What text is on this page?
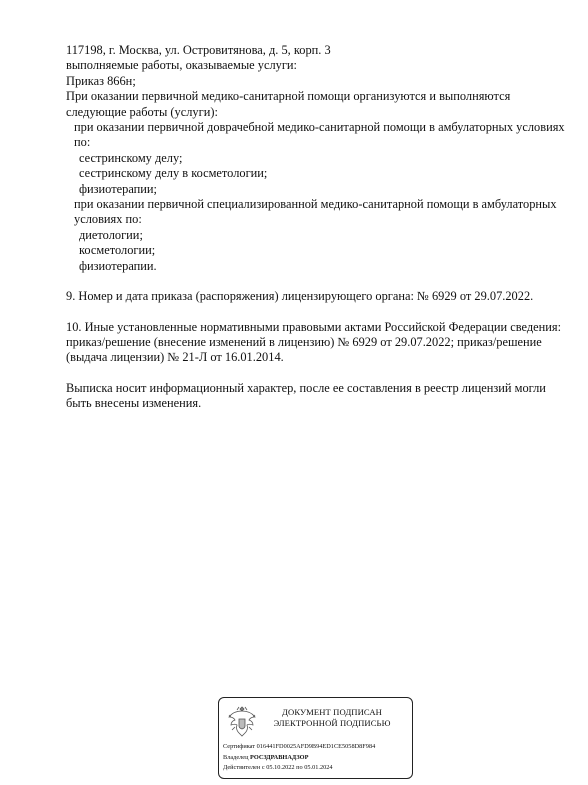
117198, г. Москва, ул. Островитянова, д. 5, корп. 3
выполняемые работы, оказываемые услуги:
Приказ 866н;
При оказании первичной медико-санитарной помощи организуются и выполняются следующие работы (услуги):
при оказании первичной доврачебной медико-санитарной помощи в амбулаторных условиях по:
сестринскому делу;
сестринскому делу в косметологии;
физиотерапии;
при оказании первичной специализированной медико-санитарной помощи в амбулаторных условиях по:
диетологии;
косметологии;
физиотерапии.
9. Номер и дата приказа (распоряжения) лицензирующего органа: № 6929 от 29.07.2022.
10. Иные установленные нормативными правовыми актами Российской Федерации сведения: приказ/решение (внесение изменений в лицензию) № 6929 от 29.07.2022; приказ/решение (выдача лицензии) № 21-Л от 16.01.2014.
Выписка носит информационный характер, после ее составления в реестр лицензий могли быть внесены изменения.
ДОКУМЕНТ ПОДПИСАН
ЭЛЕКТРОННОЙ ПОДПИСЬЮ
Сертификат 016441FD0025AFD9B94ED1CE5058D8F984
Владелец РОСЗДРАВНАДЗОР
Действителен с 05.10.2022 по 05.01.2024
